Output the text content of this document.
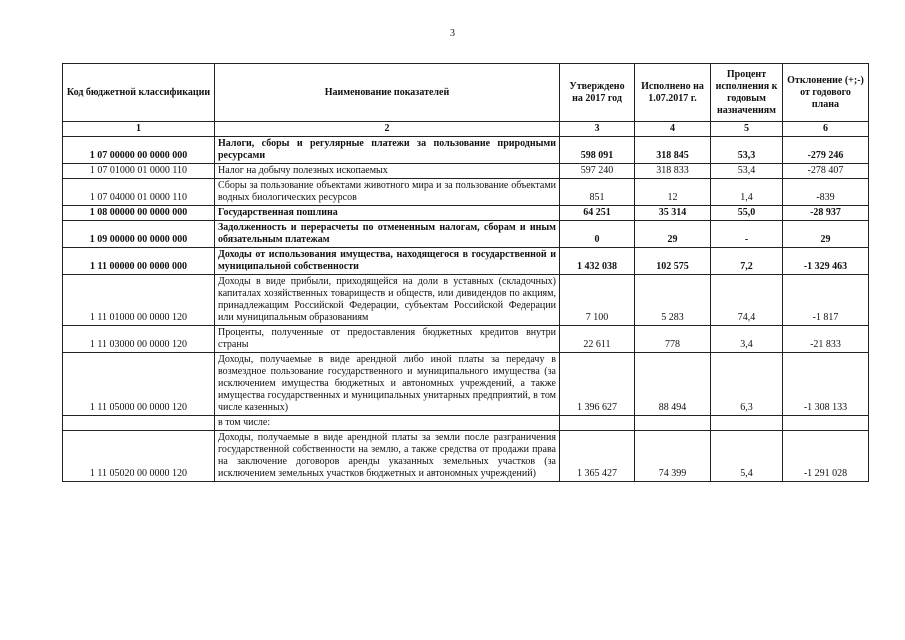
3
Код бюджетной классификации	Наименование показателей	Утверждено на 2017 год	Исполнено на 1.07.2017 г.	Процент исполнения к годовым назначениям	Отклонение (+;-) от годового плана
1	2	3	4	5	6
1 07 00000 00 0000 000	Налоги, сборы и регулярные платежи за пользование природными ресурсами	598 091	318 845	53,3	-279 246
1 07 01000 01 0000 110	Налог на добычу полезных ископаемых	597 240	318 833	53,4	-278 407
1 07 04000 01 0000 110	Сборы за пользование объектами животного мира и за пользование объектами водных биологических ресурсов	851	12	1,4	-839
1 08 00000 00 0000 000	Государственная пошлина	64 251	35 314	55,0	-28 937
1 09 00000 00 0000 000	Задолженность и перерасчеты по отмененным налогам, сборам и иным обязательным платежам	0	29	-	29
1 11 00000 00 0000 000	Доходы от использования имущества, находящегося в государственной и муниципальной собственности	1 432 038	102 575	7,2	-1 329 463
1 11 01000 00 0000 120	Доходы в виде прибыли, приходящейся на доли в уставных (складочных) капиталах хозяйственных товариществ и обществ, или дивидендов по акциям, принадлежащим Российской Федерации, субъектам Российской Федерации или муниципальным образованиям	7 100	5 283	74,4	-1 817
1 11 03000 00 0000 120	Проценты, полученные от предоставления бюджетных кредитов внутри страны	22 611	778	3,4	-21 833
1 11 05000 00 0000 120	Доходы, получаемые в виде арендной либо иной платы за передачу в возмездное пользование государственного и муниципального имущества (за исключением имущества бюджетных и автономных учреждений, а также имущества государственных и муниципальных унитарных предприятий, в том числе казенных)	1 396 627	88 494	6,3	-1 308 133
	в том числе:				
1 11 05020 00 0000 120	Доходы, получаемые в виде арендной платы за земли после разграничения государственной собственности на землю, а также средства от продажи права на заключение договоров аренды указанных земельных участков (за исключением земельных участков бюджетных и автономных учреждений)	1 365 427	74 399	5,4	-1 291 028
